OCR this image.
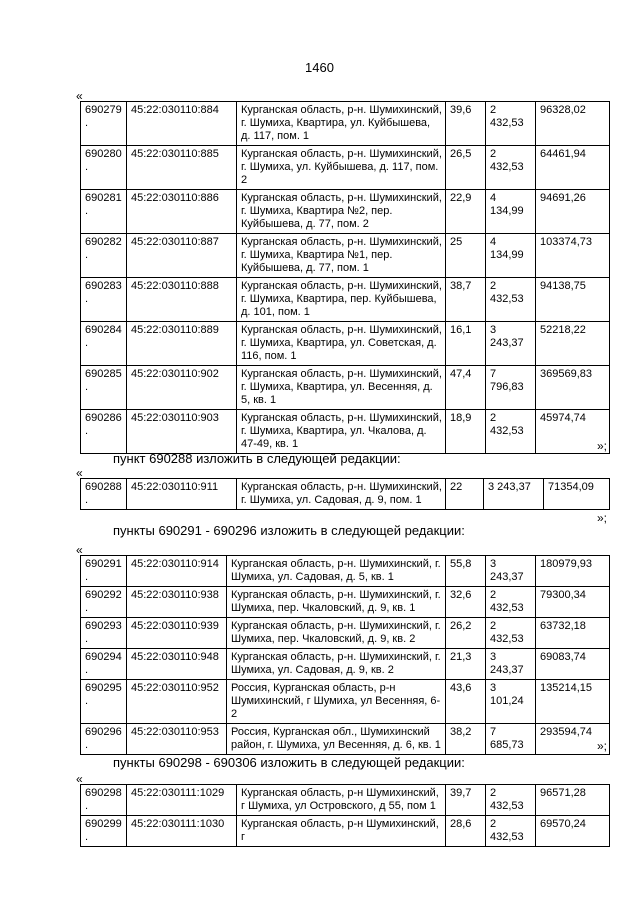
1460
«
690279.	45:22:030110:884	Курганская область, р-н. Шумихинский, г. Шумиха, Квартира, ул. Куйбышева, д. 117, пом. 1	39,6	2 432,53	96328,02
690280.	45:22:030110:885	Курганская область, р-н. Шумихинский, г. Шумиха, ул. Куйбышева, д. 117, пом. 2	26,5	2 432,53	64461,94
690281.	45:22:030110:886	Курганская область, р-н. Шумихинский, г. Шумиха, Квартира №2, пер. Куйбышева, д. 77, пом. 2	22,9	4 134,99	94691,26
690282.	45:22:030110:887	Курганская область, р-н. Шумихинский, г. Шумиха, Квартира №1, пер. Куйбышева, д. 77, пом. 1	25	4 134,99	103374,73
690283.	45:22:030110:888	Курганская область, р-н. Шумихинский, г. Шумиха, Квартира, пер. Куйбышева, д. 101, пом. 1	38,7	2 432,53	94138,75
690284.	45:22:030110:889	Курганская область, р-н. Шумихинский, г. Шумиха, Квартира, ул. Советская, д. 116, пом. 1	16,1	3 243,37	52218,22
690285.	45:22:030110:902	Курганская область, р-н. Шумихинский, г. Шумиха, Квартира, ул. Весенняя, д. 5, кв. 1	47,4	7 796,83	369569,83
690286.	45:22:030110:903	Курганская область, р-н. Шумихинский, г. Шумиха, Квартира, ул. Чкалова, д. 47-49, кв. 1	18,9	2 432,53	45974,74
»;
пункт 690288 изложить в следующей редакции:
«
690288.	45:22:030110:911	Курганская область, р-н. Шумихинский, г. Шумиха, ул. Садовая, д. 9, пом. 1	22	3 243,37	71354,09
»;
пункты 690291 - 690296 изложить в следующей редакции:
«
690291.	45:22:030110:914	Курганская область, р-н. Шумихинский, г. Шумиха, ул. Садовая, д. 5, кв. 1	55,8	3 243,37	180979,93
690292.	45:22:030110:938	Курганская область, р-н. Шумихинский, г. Шумиха, пер. Чкаловский, д. 9, кв. 1	32,6	2 432,53	79300,34
690293.	45:22:030110:939	Курганская область, р-н. Шумихинский, г. Шумиха, пер. Чкаловский, д. 9, кв. 2	26,2	2 432,53	63732,18
690294.	45:22:030110:948	Курганская область, р-н. Шумихинский, г. Шумиха, ул. Садовая, д. 9, кв. 2	21,3	3 243,37	69083,74
690295.	45:22:030110:952	Россия, Курганская область, р-н Шумихинский, г Шумиха, ул Весенняя, 6-2	43,6	3 101,24	135214,15
690296.	45:22:030110:953	Россия, Курганская обл., Шумихинский район, г. Шумиха, ул Весенняя, д. 6, кв. 1	38,2	7 685,73	293594,74
»;
пункты 690298 - 690306 изложить в следующей редакции:
«
690298.	45:22:030111:1029	Курганская область, р-н Шумихинский, г Шумиха, ул Островского, д 55, пом 1	39,7	2 432,53	96571,28
690299.	45:22:030111:1030	Курганская область, р-н Шумихинский, г	28,6	2 432,53	69570,24
